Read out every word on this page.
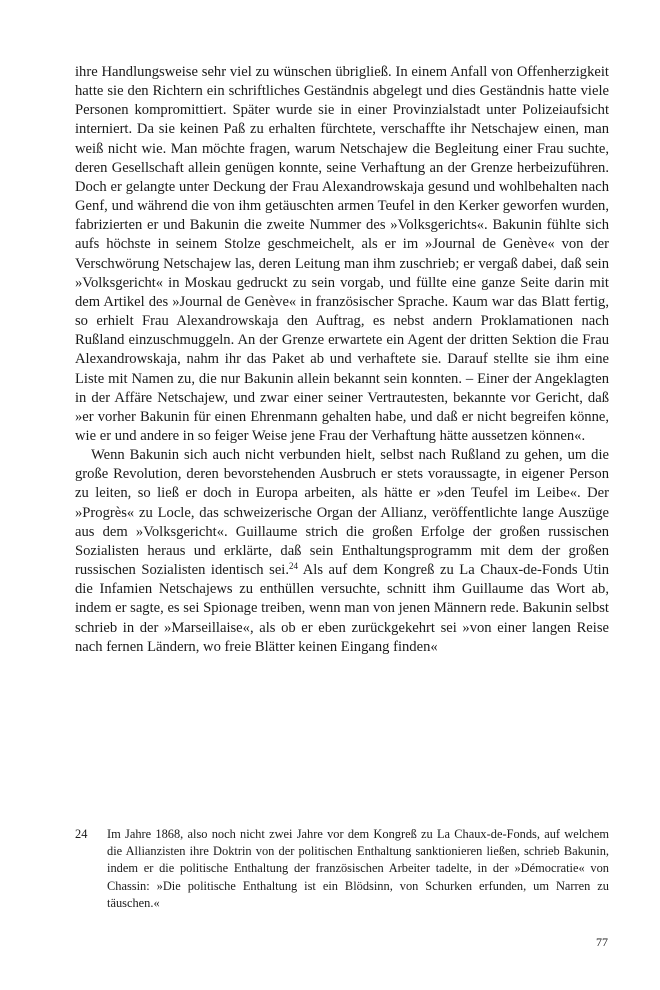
ihre Handlungsweise sehr viel zu wünschen übrigließ. In einem Anfall von Offenherzigkeit hatte sie den Richtern ein schriftliches Geständnis abgelegt und dies Geständnis hatte viele Personen kompromittiert. Später wurde sie in einer Provinzialstadt unter Polizeiaufsicht interniert. Da sie keinen Paß zu erhalten fürchtete, verschaffte ihr Netschajew einen, man weiß nicht wie. Man möchte fragen, warum Netschajew die Begleitung einer Frau suchte, deren Gesellschaft allein genügen konnte, seine Verhaftung an der Grenze herbeizuführen. Doch er gelangte unter Deckung der Frau Alexandrowskaja gesund und wohlbehalten nach Genf, und während die von ihm getäuschten armen Teufel in den Kerker geworfen wurden, fabrizierten er und Bakunin die zweite Nummer des »Volksgerichts«. Bakunin fühlte sich aufs höchste in seinem Stolze geschmeichelt, als er im »Journal de Genève« von der Verschwörung Netschajew las, deren Leitung man ihm zuschrieb; er vergaß dabei, daß sein »Volksgericht« in Moskau gedruckt zu sein vorgab, und füllte eine ganze Seite darin mit dem Artikel des »Journal de Genève« in französischer Sprache. Kaum war das Blatt fertig, so erhielt Frau Alexandrowskaja den Auftrag, es nebst andern Proklamationen nach Rußland einzuschmuggeln. An der Grenze erwartete ein Agent der dritten Sektion die Frau Alexandrowskaja, nahm ihr das Paket ab und verhaftete sie. Darauf stellte sie ihm eine Liste mit Namen zu, die nur Bakunin allein bekannt sein konnten. – Einer der Angeklagten in der Affäre Netschajew, und zwar einer seiner Vertrautesten, bekannte vor Gericht, daß »er vorher Bakunin für einen Ehrenmann gehalten habe, und daß er nicht begreifen könne, wie er und andere in so feiger Weise jene Frau der Verhaftung hätte aussetzen können«.

Wenn Bakunin sich auch nicht verbunden hielt, selbst nach Rußland zu gehen, um die große Revolution, deren bevorstehenden Ausbruch er stets voraussagte, in eigener Person zu leiten, so ließ er doch in Europa arbeiten, als hätte er »den Teufel im Leibe«. Der »Progrès« zu Locle, das schweizerische Organ der Allianz, veröffentlichte lange Auszüge aus dem »Volksgericht«. Guillaume strich die großen Erfolge der großen russischen Sozialisten heraus und erklärte, daß sein Enthaltungsprogramm mit dem der großen russischen Sozialisten identisch sei.$^{24}$ Als auf dem Kongreß zu La Chaux-de-Fonds Utin die Infamien Netschajews zu enthüllen versuchte, schnitt ihm Guillaume das Wort ab, indem er sagte, es sei Spionage treiben, wenn man von jenen Männern rede. Bakunin selbst schrieb in der »Marseillaise«, als ob er eben zurückgekehrt sei »von einer langen Reise nach fernen Ländern, wo freie Blätter keinen Eingang finden«

24	Im Jahre 1868, also noch nicht zwei Jahre vor dem Kongreß zu La Chaux-de-Fonds, auf welchem die Allianzisten ihre Doktrin von der politischen Enthaltung sanktionieren ließen, schrieb Bakunin, indem er die politische Enthaltung der französischen Arbeiter tadelte, in der »Démocratie« von Chassin: »Die politische Enthaltung ist ein Blödsinn, von Schurken erfunden, um Narren zu täuschen.«
77
